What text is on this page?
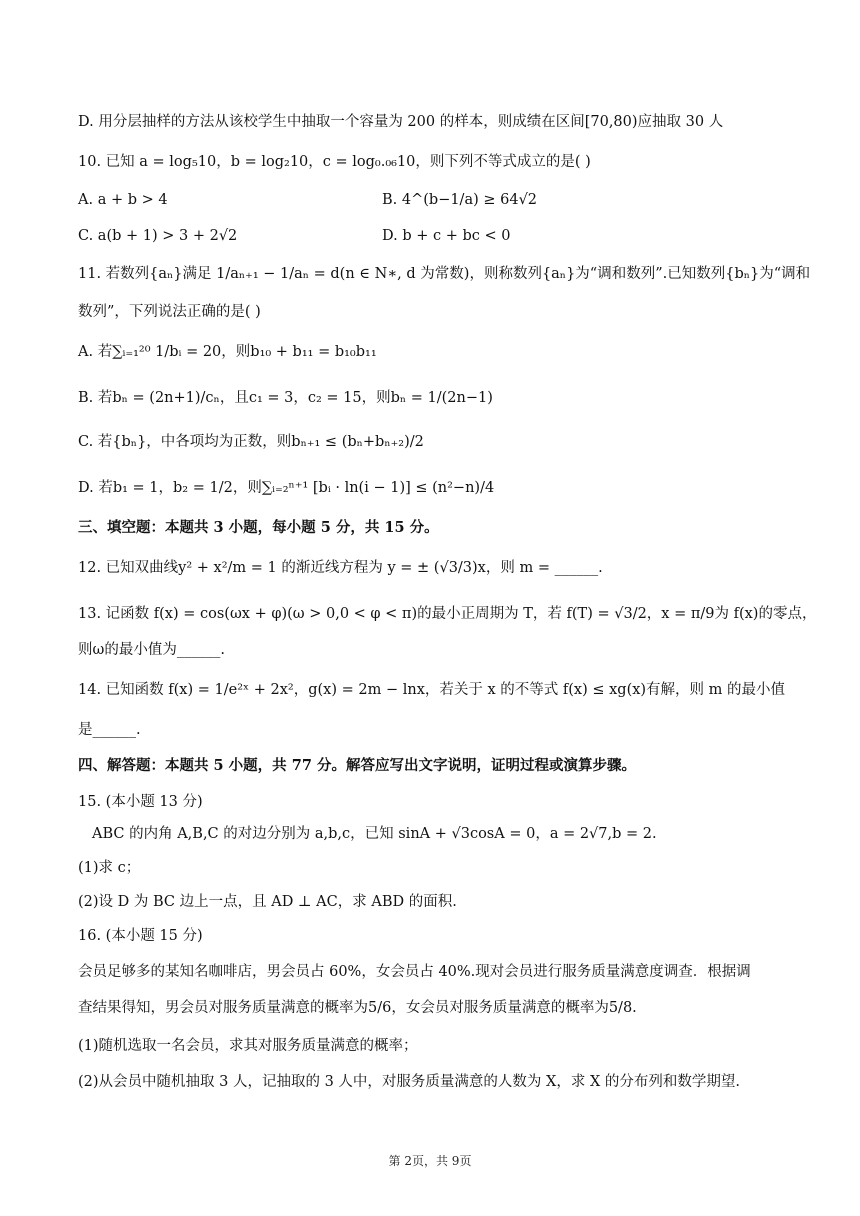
D. 用分层抽样的方法从该校学生中抽取一个容量为 200 的样本，则成绩在区间[70,80)应抽取 30 人
10. 已知 a = log₅10，b = log₂10，c = log₀.₀₆10，则下列不等式成立的是( )
A. a + b > 4	B. 4^(b−1/a) ≥ 64√2
C. a(b + 1) > 3 + 2√2	D. b + c + bc < 0
11. 若数列{aₙ}满足 1/aₙ₊₁ − 1/aₙ = d(n ∈ N∗, d 为常数)，则称数列{aₙ}为“调和数列”.已知数列{bₙ}为“调和
数列”，下列说法正确的是( )
A. 若∑ᵢ₌₁²⁰ 1/bᵢ = 20，则b₁₀ + b₁₁ = b₁₀b₁₁
B. 若bₙ = (2n+1)/cₙ，且c₁ = 3，c₂ = 15，则bₙ = 1/(2n−1)
C. 若{bₙ}，中各项均为正数，则bₙ₊₁ ≤ (bₙ+bₙ₊₂)/2
D. 若b₁ = 1，b₂ = 1/2，则∑ᵢ₌₂ⁿ⁺¹ [bᵢ · ln(i − 1)] ≤ (n²−n)/4
三、填空题：本题共 3 小题，每小题 5 分，共 15 分。
12. 已知双曲线y² + x²/m = 1 的渐近线方程为 y = ± (√3/3)x，则 m = ______.
13. 记函数 f(x) = cos(ωx + φ)(ω > 0,0 < φ < π)的最小正周期为 T，若 f(T) = √3/2，x = π/9为 f(x)的零点，
则ω的最小值为______.
14. 已知函数 f(x) = 1/e²ˣ + 2x²，g(x) = 2m − lnx，若关于 x 的不等式 f(x) ≤ xg(x)有解，则 m 的最小值
是______.
四、解答题：本题共 5 小题，共 77 分。解答应写出文字说明，证明过程或演算步骤。
15. (本小题 13 分)
ABC 的内角 A,B,C 的对边分别为 a,b,c，已知 sinA + √3cosA = 0，a = 2√7,b = 2.
(1)求 c；
(2)设 D 为 BC 边上一点，且 AD ⊥ AC，求 ABD 的面积.
16. (本小题 15 分)
会员足够多的某知名咖啡店，男会员占 60%，女会员占 40%.现对会员进行服务质量满意度调查．根据调
查结果得知，男会员对服务质量满意的概率为5/6，女会员对服务质量满意的概率为5/8.
(1)随机选取一名会员，求其对服务质量满意的概率；
(2)从会员中随机抽取 3 人，记抽取的 3 人中，对服务质量满意的人数为 X，求 X 的分布列和数学期望.
第 2页，共 9页
